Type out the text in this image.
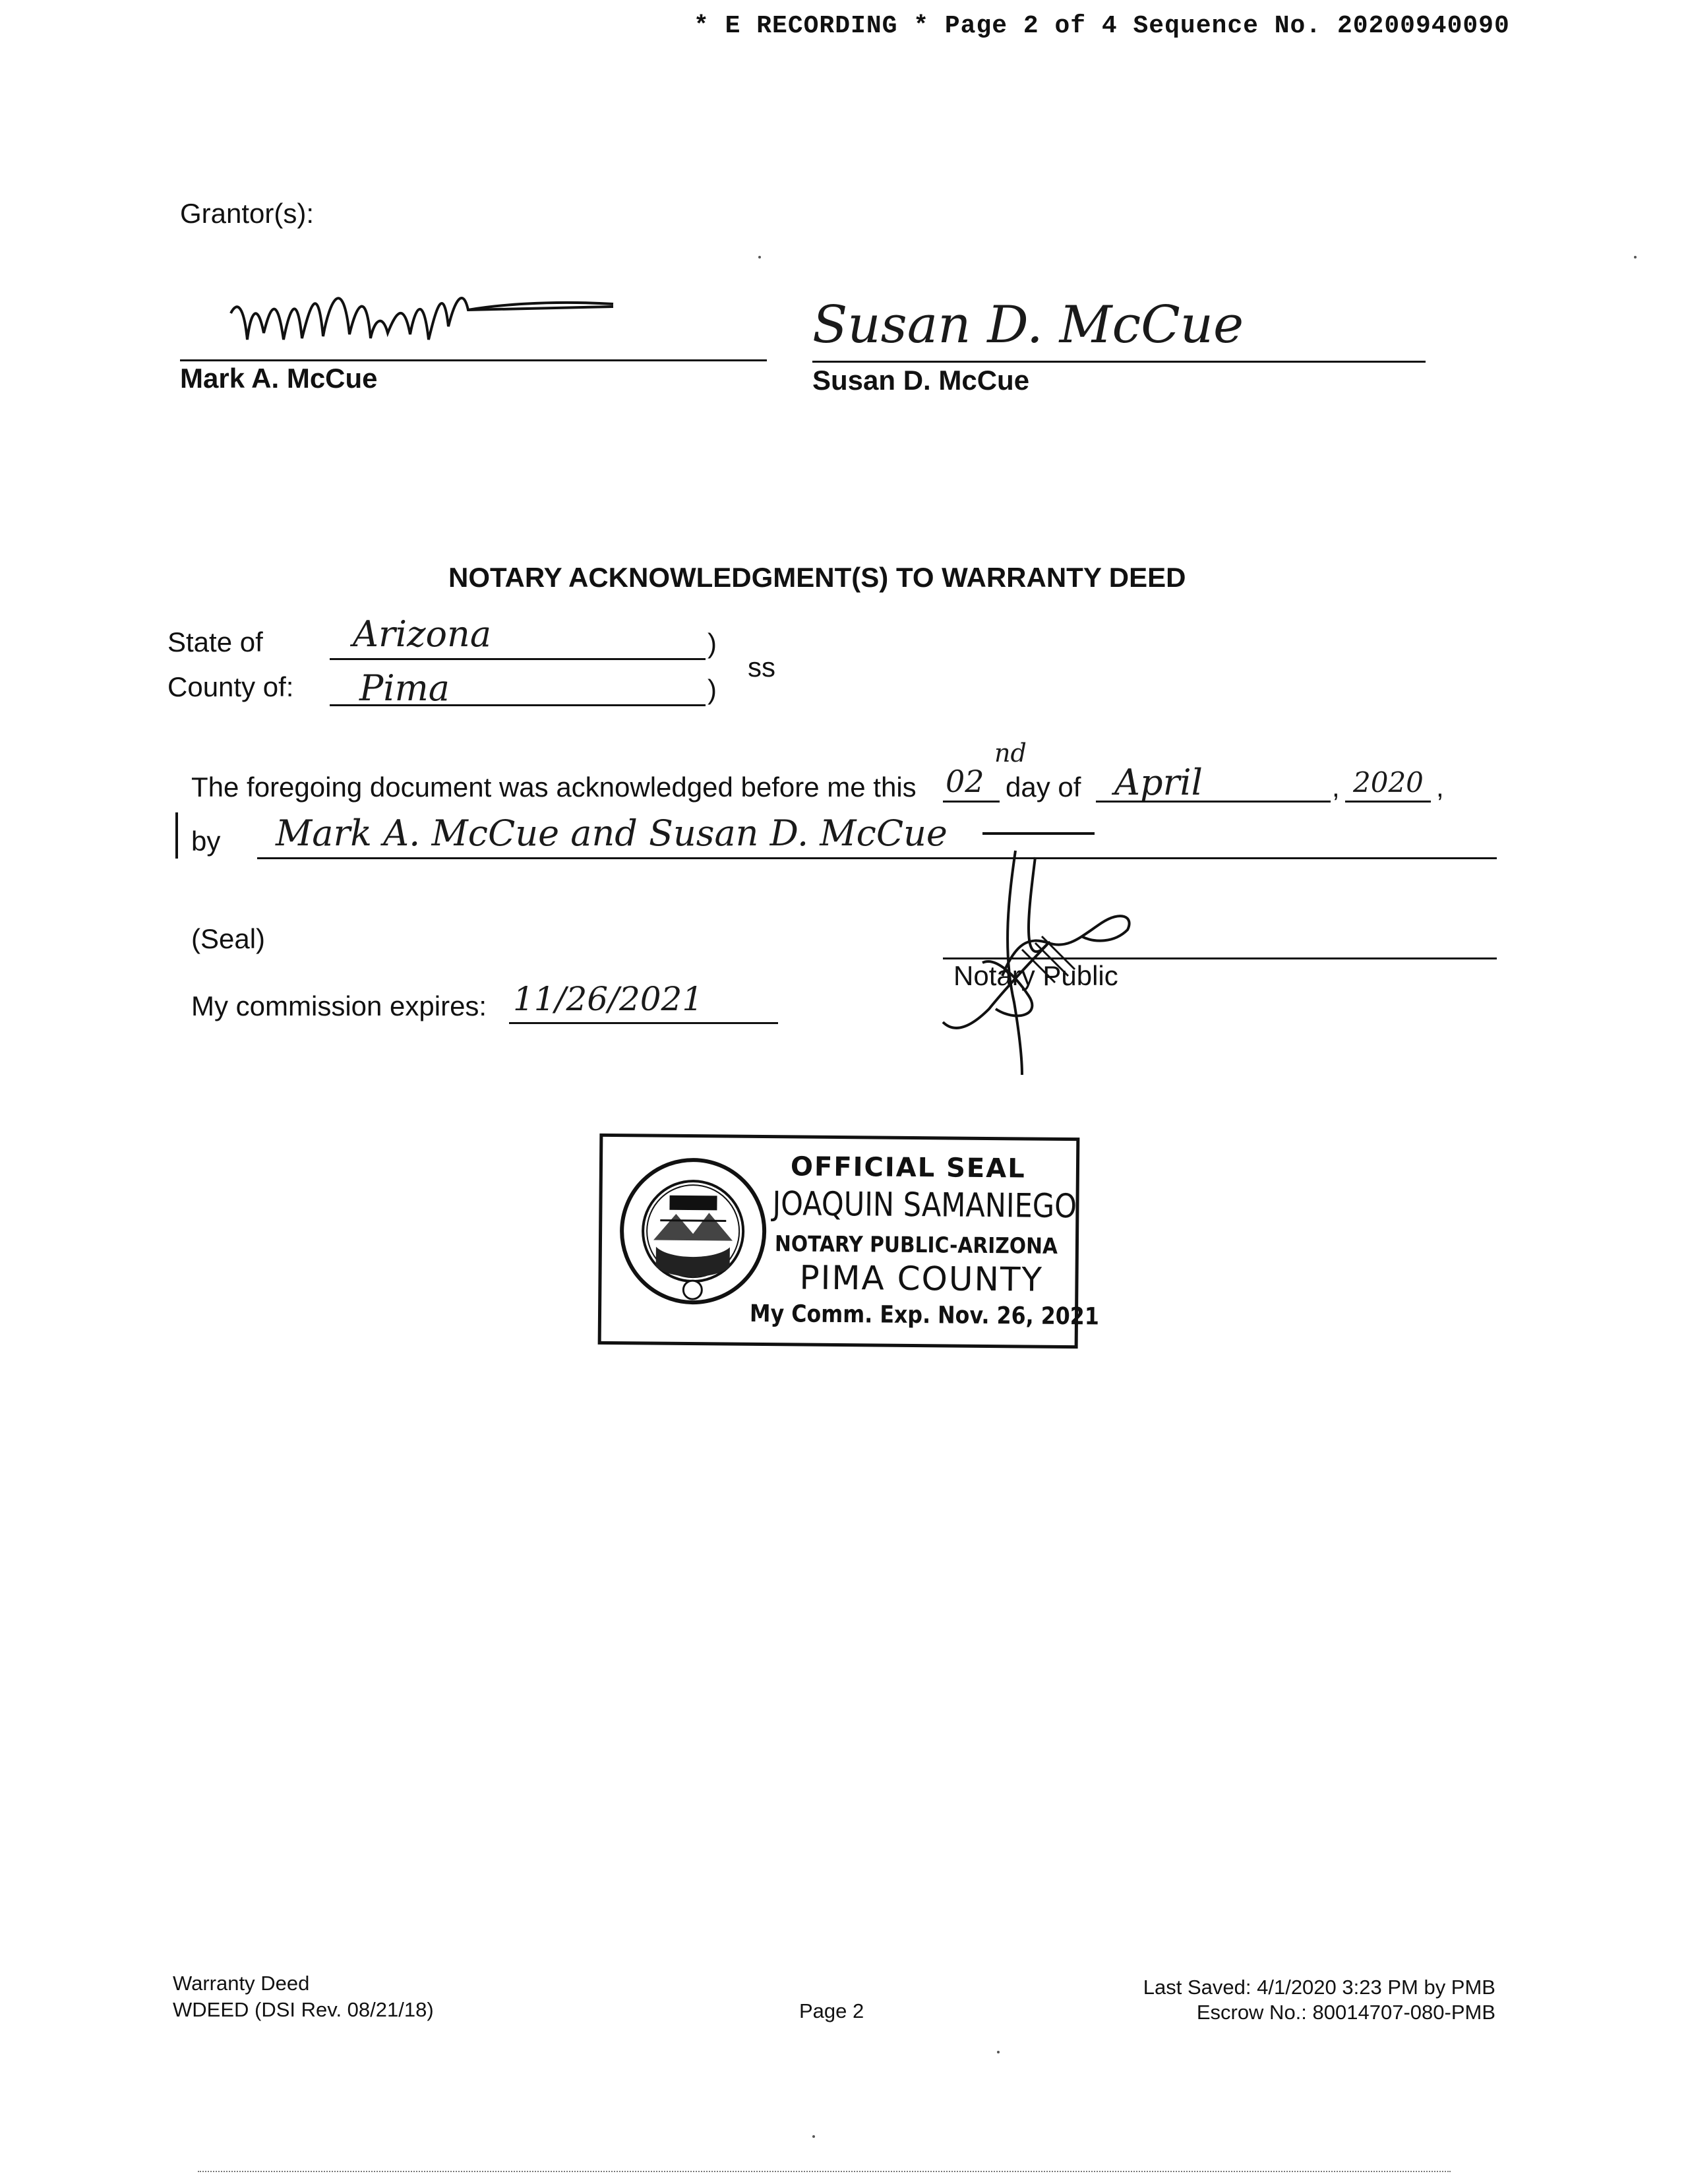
* E RECORDING * Page 2 of 4 Sequence No. 20200940090
Grantor(s):
Mark A. McCue
Susan D. McCue
Susan D. McCue
NOTARY ACKNOWLEDGMENT(S) TO WARRANTY DEED
State of	Arizona	)
County of: Pima	)
ss
The foregoing document was acknowledged before me this 02
nd
day of April	, 2020 ,
by Mark A. McCue and Susan D. McCue
(Seal)
Notary Public
My commission expires: 11/26/2021
OFFICIAL SEAL
JOAQUIN SAMANIEGO
NOTARY PUBLIC-ARIZONA
PIMA COUNTY
My Comm. Exp. Nov. 26, 2021
Warranty Deed
WDEED (DSI Rev. 08/21/18)	Page 2
Last Saved: 4/1/2020 3:23 PM by PMB
Escrow No.: 80014707-080-PMB
